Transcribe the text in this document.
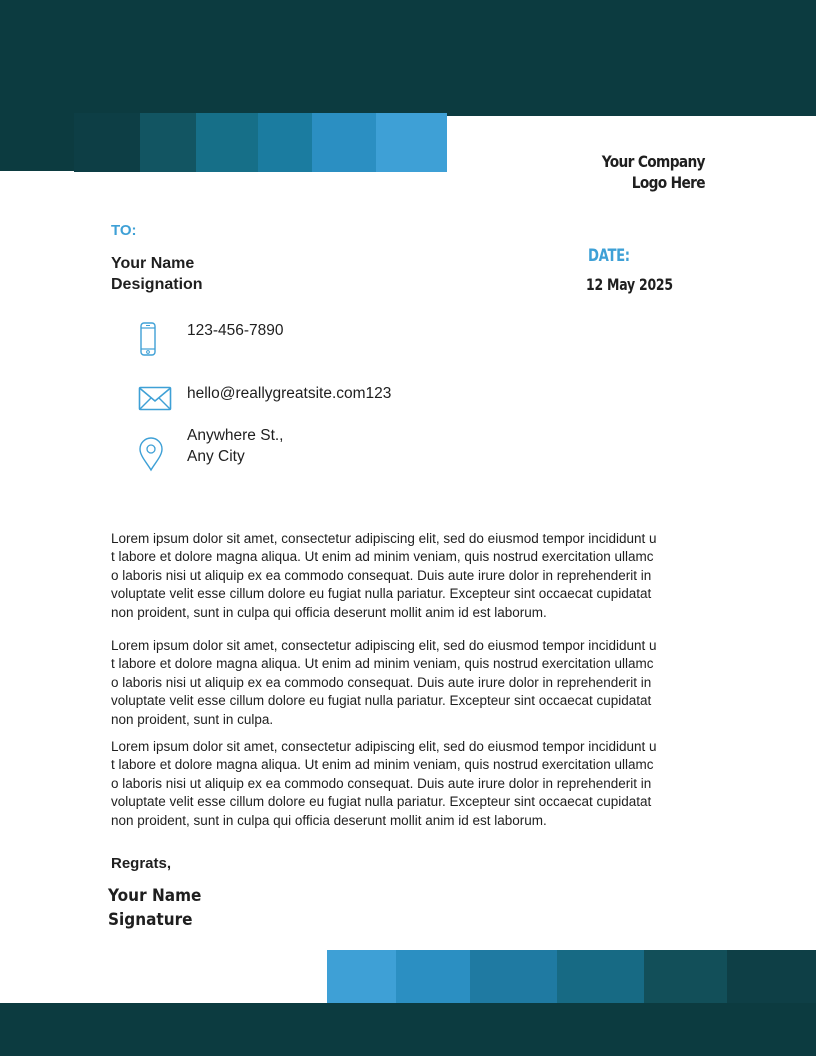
Your Company
Logo Here
TO:
Your Name
Designation
DATE:
12 May 2025
123-456-7890
hello@reallygreatsite.com123
Anywhere St.,
Any City

Lorem ipsum dolor sit amet, consectetur adipiscing elit, sed do eiusmod tempor incididunt ut labore et dolore magna aliqua. Ut enim ad minim veniam, quis nostrud exercitation ullamco laboris nisi ut aliquip ex ea commodo consequat. Duis aute irure dolor in reprehenderit in voluptate velit esse cillum dolore eu fugiat nulla pariatur. Excepteur sint occaecat cupidatat non proident, sunt in culpa qui officia deserunt mollit anim id est laborum.

Lorem ipsum dolor sit amet, consectetur adipiscing elit, sed do eiusmod tempor incididunt ut labore et dolore magna aliqua. Ut enim ad minim veniam, quis nostrud exercitation ullamco laboris nisi ut aliquip ex ea commodo consequat. Duis aute irure dolor in reprehenderit in voluptate velit esse cillum dolore eu fugiat nulla pariatur. Excepteur sint occaecat cupidatat non proident, sunt in culpa.

Lorem ipsum dolor sit amet, consectetur adipiscing elit, sed do eiusmod tempor incididunt ut labore et dolore magna aliqua. Ut enim ad minim veniam, quis nostrud exercitation ullamco laboris nisi ut aliquip ex ea commodo consequat. Duis aute irure dolor in reprehenderit in voluptate velit esse cillum dolore eu fugiat nulla pariatur. Excepteur sint occaecat cupidatat non proident, sunt in culpa qui officia deserunt mollit anim id est laborum.

Regrats,
Your Name
Signature
